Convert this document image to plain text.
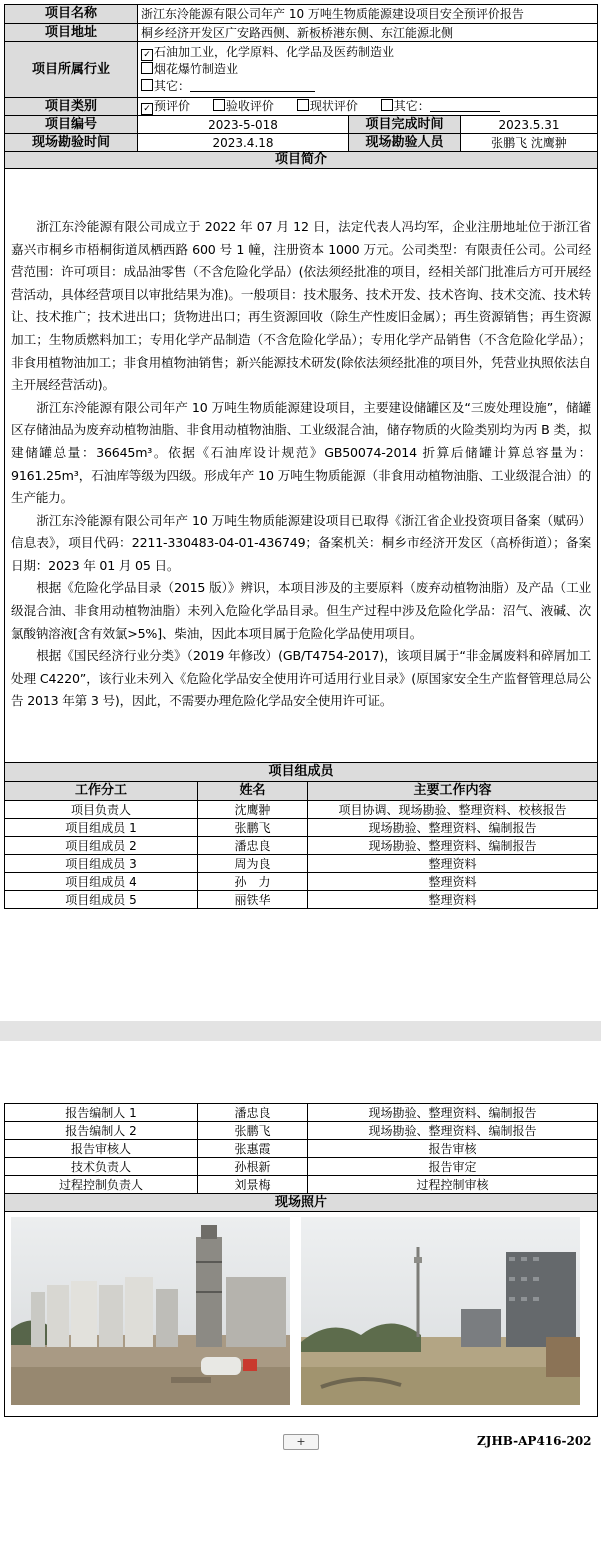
项目名称	浙江东泠能源有限公司年产 10 万吨生物质能源建设项目安全预评价报告		
项目地址	桐乡经济开发区广安路西侧、新板桥港东侧、东江能源北侧		
项目所属行业	✓ 石油加工业，化学原料、化学品及医药制造业
烟花爆竹制造业
其它：		

项目类别	✓ 预评价 验收评价 现状评价 其它：		
项目编号	2023-5-018	项目完成时间	2023.5.31
现场勘验时间	2023.4.18	现场勘验人员	张鹏飞 沈鹰翀
项目简介			

浙江东泠能源有限公司成立于 2022 年 07 月 12 日，法定代表人冯均军，企业注册地址位于浙江省嘉兴市桐乡市梧桐街道凤栖西路 600 号 1 幢，注册资本 1000 万元。公司类型：有限责任公司。公司经营范围：许可项目：成品油零售（不含危险化学品）(依法须经批准的项目，经相关部门批准后方可开展经营活动，具体经营项目以审批结果为准)。一般项目：技术服务、技术开发、技术咨询、技术交流、技术转让、技术推广；技术进出口；货物进出口；再生资源回收（除生产性废旧金属）；再生资源销售；再生资源加工；生物质燃料加工；专用化学产品制造（不含危险化学品）；专用化学产品销售（不含危险化学品）；非食用植物油加工；非食用植物油销售；新兴能源技术研发(除依法须经批准的项目外，凭营业执照依法自主开展经营活动)。

浙江东泠能源有限公司年产 10 万吨生物质能源建设项目，主要建设储罐区及“三废处理设施”，储罐区存储油品为废弃动植物油脂、非食用动植物油脂、工业级混合油，储存物质的火险类别均为丙 B 类，拟建储罐总量：36645m³。依据《石油库设计规范》GB50074-2014 折算后储罐计算总容量为：9161.25m³，石油库等级为四级。形成年产 10 万吨生物质能源（非食用动植物油脂、工业级混合油）的生产能力。

浙江东泠能源有限公司年产 10 万吨生物质能源建设项目已取得《浙江省企业投资项目备案（赋码）信息表》，项目代码：2211-330483-04-01-436749；备案机关：桐乡市经济开发区（高桥街道）；备案日期：2023 年 01 月 05 日。

根据《危险化学品目录（2015 版）》辨识，本项目涉及的主要原料（废弃动植物油脂）及产品（工业级混合油、非食用动植物油脂）未列入危险化学品目录。但生产过程中涉及危险化学品：沼气、液碱、次氯酸钠溶液[含有效氯>5%]、柴油，因此本项目属于危险化学品使用项目。

根据《国民经济行业分类》（2019 年修改）(GB/T4754-2017)，该项目属于“非金属废料和碎屑加工处理 C4220”，该行业未列入《危险化学品安全使用许可适用行业目录》(原国家安全生产监督管理总局公告 2013 年第 3 号)，因此，不需要办理危险化学品安全使用许可证。			

项目组成员		
工作分工	姓名	主要工作内容
项目负责人	沈鹰翀	项目协调、现场勘验、整理资料、校核报告
项目组成员 1	张鹏飞	现场勘验、整理资料、编制报告
项目组成员 2	潘忠良	现场勘验、整理资料、编制报告
项目组成员 3	周为良	整理资料
项目组成员 4	孙　力	整理资料
项目组成员 5	丽铁华	整理资料
报告编制人 1	潘忠良	现场勘验、整理资料、编制报告
报告编制人 2	张鹏飞	现场勘验、整理资料、编制报告
报告审核人	张惠霞	报告审核
技术负责人	孙根新	报告审定
过程控制负责人	刘景梅	过程控制审核
现场照片		

+	ZJHB-AP416-202
